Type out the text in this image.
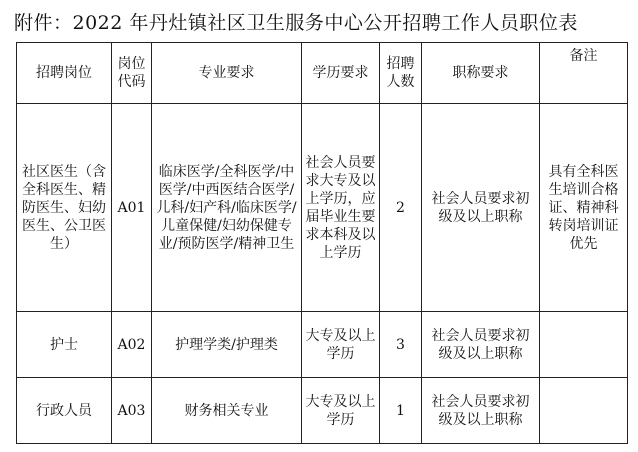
附件：2022 年丹灶镇社区卫生服务中心公开招聘工作人员职位表
招聘岗位	岗位代码	专业要求	学历要求	招聘人数	职称要求	备注
社区医生（含全科医生、精防医生、妇幼医生、公卫医生）	A01	临床医学/全科医学/中医学/中西医结合医学/儿科/妇产科/临床医学/儿童保健/妇幼保健专业/预防医学/精神卫生	社会人员要求大专及以上学历，应届毕业生要求本科及以上学历	2	社会人员要求初级及以上职称	具有全科医生培训合格证、精神科转岗培训证优先
护士	A02	护理学类/护理类	大专及以上学历	3	社会人员要求初级及以上职称	
行政人员	A03	财务相关专业	大专及以上学历	1	社会人员要求初级及以上职称	
